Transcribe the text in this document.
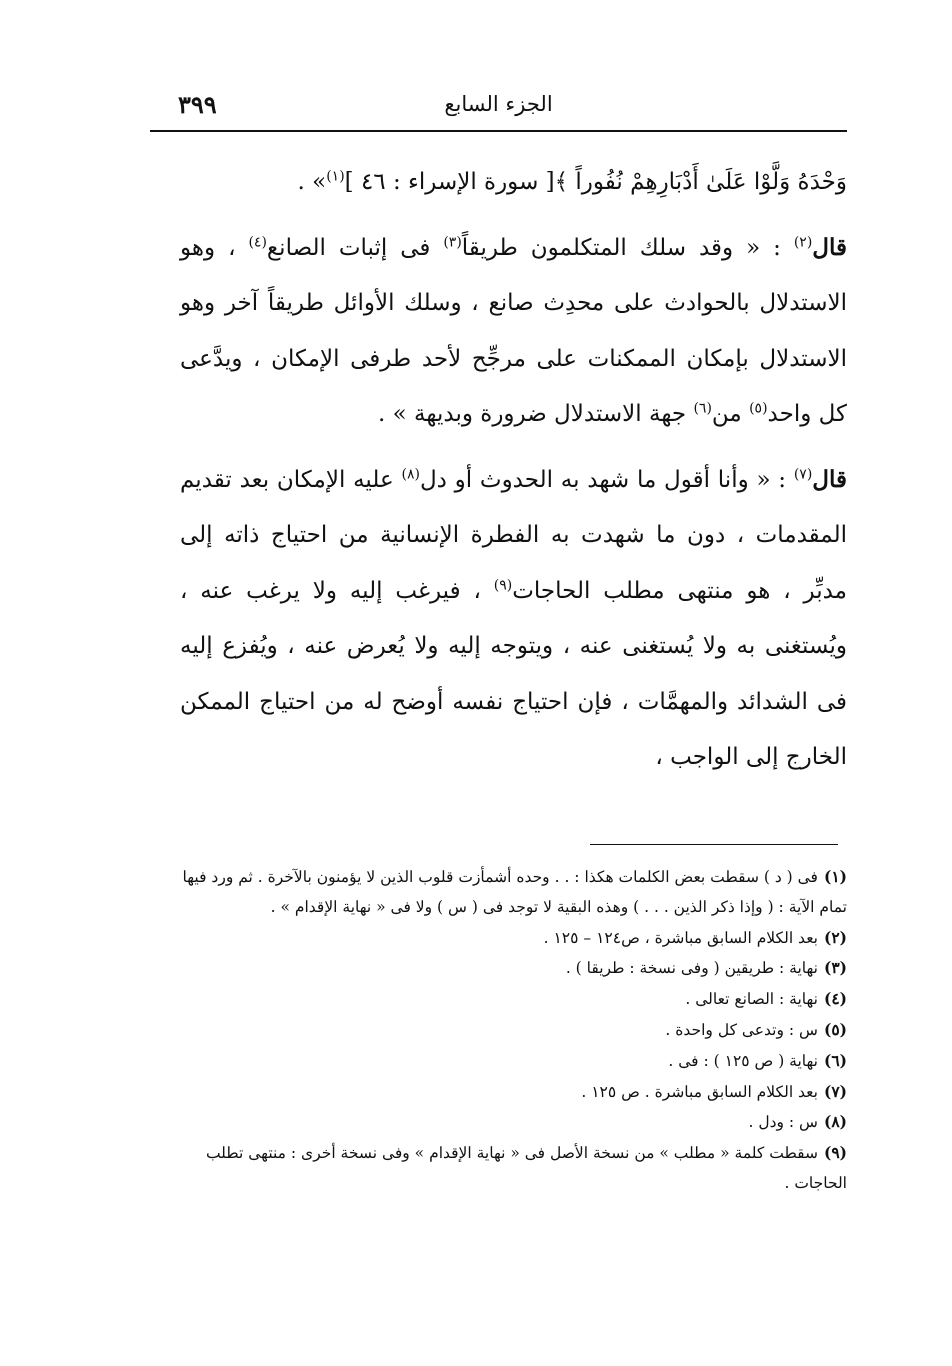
٣٩٩	الجزء السابع

وَحْدَهُ وَلَّوْا عَلَىٰ أَدْبَارِهِمْ نُفُوراً ﴾[ سورة الإسراء : ٤٦ ]$^{(١)}$» .

قال$^{(٢)}$ : « وقد سلك المتكلمون طريقاً$^{(٣)}$ فى إثبات الصانع$^{(٤)}$ ، وهو الاستدلال بالحوادث على محدِث صانع ، وسلك الأوائل طريقاً آخر وهو الاستدلال بإمكان الممكنات على مرجِّح لأحد طرفى الإمكان ، ويدَّعى كل واحد$^{(٥)}$ من$^{(٦)}$ جهة الاستدلال ضرورة وبديهة » .

قال$^{(٧)}$ : « وأنا أقول ما شهد به الحدوث أو دل$^{(٨)}$ عليه الإمكان بعد تقديم المقدمات ، دون ما شهدت به الفطرة الإنسانية من احتياج ذاته إلى مدبِّر ، هو منتهى مطلب الحاجات$^{(٩)}$ ، فيرغب إليه ولا يرغب عنه ، ويُستغنى به ولا يُستغنى عنه ، ويتوجه إليه ولا يُعرض عنه ، ويُفزع إليه فى الشدائد والمهمَّات ، فإن احتياج نفسه أوضح له من احتياج الممكن الخارج إلى الواجب ،

(١)فى ( د ) سقطت بعض الكلمات هكذا : . . وحده أشمأزت قلوب الذين لا يؤمنون بالآخرة . ثم ورد فيها تمام الآية : ( وإذا ذكر الذين . . . ) وهذه البقية لا توجد فى ( س ) ولا فى « نهاية الإقدام » .

(٢)بعد الكلام السابق مباشرة ، ص١٢٤ – ١٢٥ .

(٣)نهاية : طريقين ( وفى نسخة : طريقا ) .

(٤)نهاية : الصانع تعالى .

(٥)س : وتدعى كل واحدة .

(٦)نهاية ( ص ١٢٥ ) : فى .

(٧)بعد الكلام السابق مباشرة . ص ١٢٥ .

(٨)س : ودل .

(٩)سقطت كلمة « مطلب » من نسخة الأصل فى « نهاية الإقدام » وفى نسخة أخرى : منتهى تطلب الحاجات .
